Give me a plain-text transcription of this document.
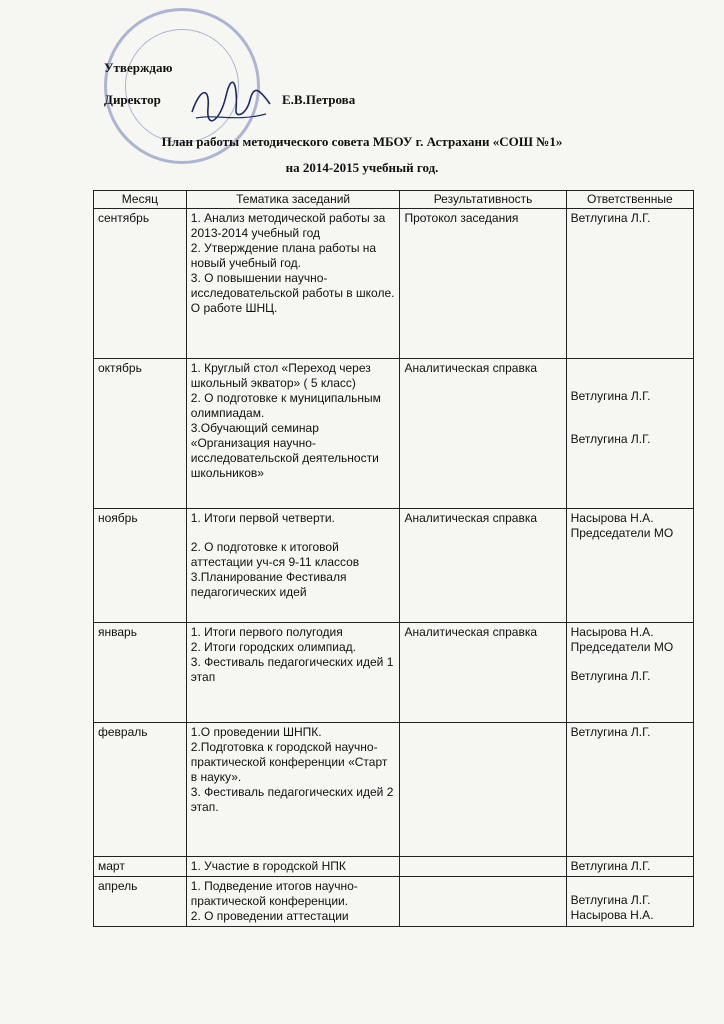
Утверждаю
Директор	Е.В.Петрова
План работы методического совета МБОУ г. Астрахани «СОШ №1»
на 2014-2015 учебный год.
Месяц	Тематика заседаний	Результативность	Ответственные
сентябрь	1. Анализ методической работы за 2013-2014 учебный год
2. Утверждение плана работы на новый учебный год.
3. О повышении научно-исследовательской работы в школе. О работе ШНЦ.	Протокол заседания	Ветлугина Л.Г.

октябрь	1. Круглый стол «Переход через школьный экватор» ( 5 класс)
2. О подготовке к муниципальным олимпиадам.
3.Обучающий семинар «Организация научно-исследовательской деятельности школьников»	Аналитическая справка	Ветлугина Л.Г.
Ветлугина Л.Г.

ноябрь	1. Итоги первой четверти.
2. О подготовке к итоговой аттестации уч-ся 9-11 классов
3.Планирование Фестиваля педагогических идей	Аналитическая справка	Насырова Н.А.
Председатели МО

январь	1. Итоги первого полугодия
2. Итоги городских олимпиад.
3. Фестиваль педагогических идей 1 этап	Аналитическая справка	Насырова Н.А.
Председатели МО
Ветлугина Л.Г.

февраль	1.О проведении ШНПК.
2.Подготовка к городской научно-практической конференции «Старт в науку».
3. Фестиваль педагогических идей 2 этап.		Ветлугина Л.Г.

март	1. Участие в городской НПК		Ветлугина Л.Г.

апрель	1. Подведение итогов научно-практической конференции.
2. О проведении аттестации		Ветлугина Л.Г.
Насырова Н.А.
